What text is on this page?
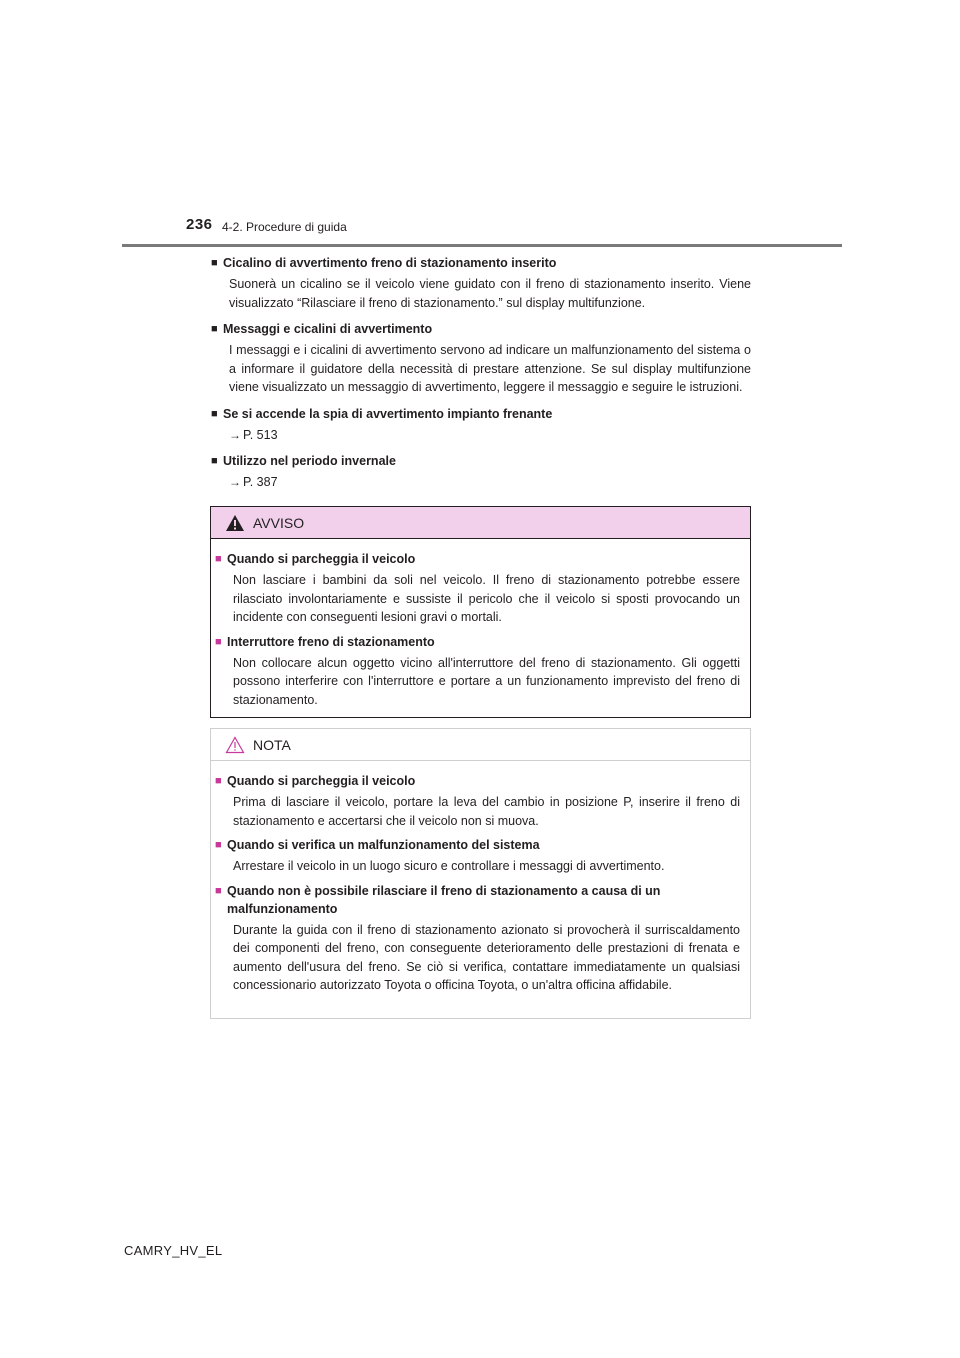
236 4-2. Procedure di guida
■ Cicalino di avvertimento freno di stazionamento inserito
Suonerà un cicalino se il veicolo viene guidato con il freno di stazionamento inserito. Viene visualizzato “Rilasciare il freno di stazionamento.” sul display multifunzione.
■ Messaggi e cicalini di avvertimento
I messaggi e i cicalini di avvertimento servono ad indicare un malfunzionamento del sistema o a informare il guidatore della necessità di prestare attenzione. Se sul display multifunzione viene visualizzato un messaggio di avvertimento, leggere il messaggio e seguire le istruzioni.
■ Se si accende la spia di avvertimento impianto frenante
→ P. 513
■ Utilizzo nel periodo invernale
→ P. 387
AVVISO
■ Quando si parcheggia il veicolo
Non lasciare i bambini da soli nel veicolo. Il freno di stazionamento potrebbe essere rilasciato involontariamente e sussiste il pericolo che il veicolo si sposti provocando un incidente con conseguenti lesioni gravi o mortali.
■ Interruttore freno di stazionamento
Non collocare alcun oggetto vicino all'interruttore del freno di stazionamento. Gli oggetti possono interferire con l'interruttore e portare a un funzionamento imprevisto del freno di stazionamento.
NOTA
■ Quando si parcheggia il veicolo
Prima di lasciare il veicolo, portare la leva del cambio in posizione P, inserire il freno di stazionamento e accertarsi che il veicolo non si muova.
■ Quando si verifica un malfunzionamento del sistema
Arrestare il veicolo in un luogo sicuro e controllare i messaggi di avvertimento.
■ Quando non è possibile rilasciare il freno di stazionamento a causa di un malfunzionamento
Durante la guida con il freno di stazionamento azionato si provocherà il surriscaldamento dei componenti del freno, con conseguente deterioramento delle prestazioni di frenata e aumento dell'usura del freno. Se ciò si verifica, contattare immediatamente un qualsiasi concessionario autorizzato Toyota o officina Toyota, o un'altra officina affidabile.
CAMRY_HV_EL
